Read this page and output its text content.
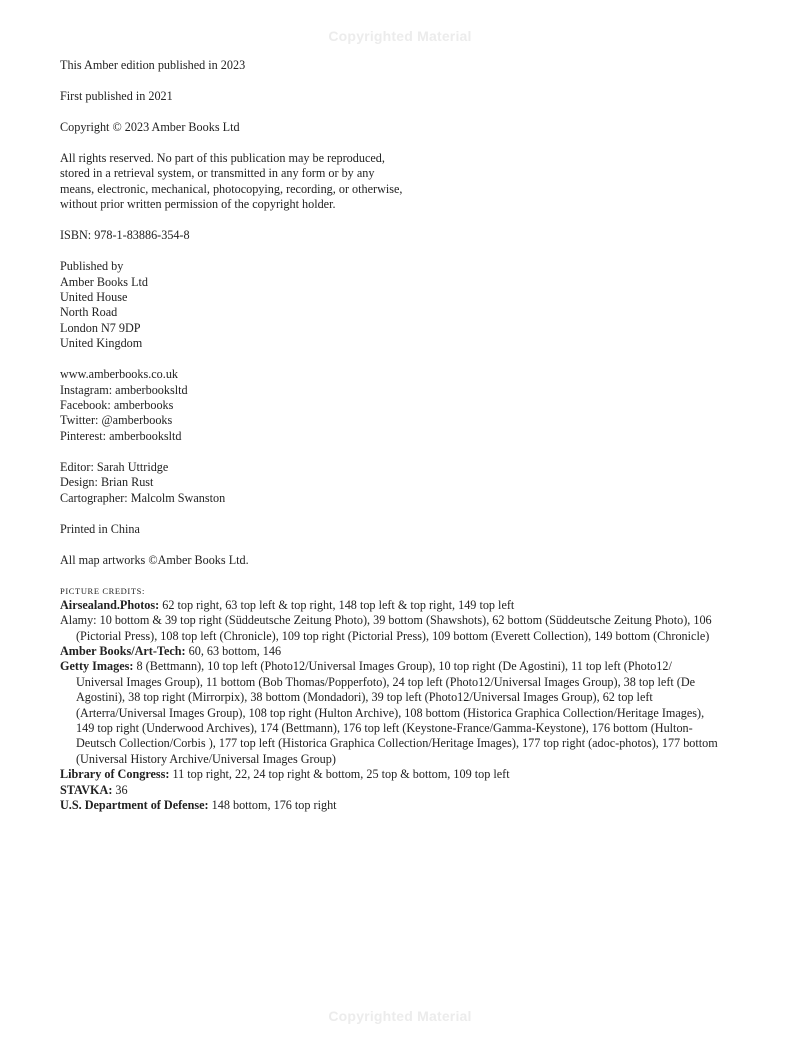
Copyrighted Material
This Amber edition published in 2023
First published in 2021
Copyright © 2023 Amber Books Ltd
All rights reserved. No part of this publication may be reproduced,
stored in a retrieval system, or transmitted in any form or by any
means, electronic, mechanical, photocopying, recording, or otherwise,
without prior written permission of the copyright holder.
ISBN: 978-1-83886-354-8
Published by
Amber Books Ltd
United House
North Road
London N7 9DP
United Kingdom
www.amberbooks.co.uk
Instagram: amberbooksltd
Facebook: amberbooks
Twitter: @amberbooks
Pinterest: amberbooksltd
Editor: Sarah Uttridge
Design: Brian Rust
Cartographer: Malcolm Swanston
Printed in China
All map artworks ©Amber Books Ltd.
PICTURE CREDITS:
Airsealand.Photos: 62 top right, 63 top left & top right, 148 top left & top right, 149 top left
Alamy: 10 bottom & 39 top right (Süddeutsche Zeitung Photo), 39 bottom (Shawshots), 62 bottom (Süddeutsche Zeitung Photo), 106 (Pictorial Press), 108 top left (Chronicle), 109 top right (Pictorial Press), 109 bottom (Everett Collection), 149 bottom (Chronicle)
Amber Books/Art-Tech: 60, 63 bottom, 146
Getty Images: 8 (Bettmann), 10 top left (Photo12/Universal Images Group), 10 top right (De Agostini), 11 top left (Photo12/ Universal Images Group), 11 bottom (Bob Thomas/Popperfoto), 24 top left (Photo12/Universal Images Group), 38 top left (De Agostini), 38 top right (Mirrorpix), 38 bottom (Mondadori), 39 top left (Photo12/Universal Images Group), 62 top left (Arterra/Universal Images Group), 108 top right (Hulton Archive), 108 bottom (Historica Graphica Collection/Heritage Images), 149 top right (Underwood Archives), 174 (Bettmann), 176 top left (Keystone-France/Gamma-Keystone), 176 bottom (Hulton-Deutsch Collection/Corbis ), 177 top left (Historica Graphica Collection/Heritage Images), 177 top right (adoc-photos), 177 bottom (Universal History Archive/Universal Images Group)
Library of Congress: 11 top right, 22, 24 top right & bottom, 25 top & bottom, 109 top left
STAVKA: 36
U.S. Department of Defense: 148 bottom, 176 top right
Copyrighted Material
